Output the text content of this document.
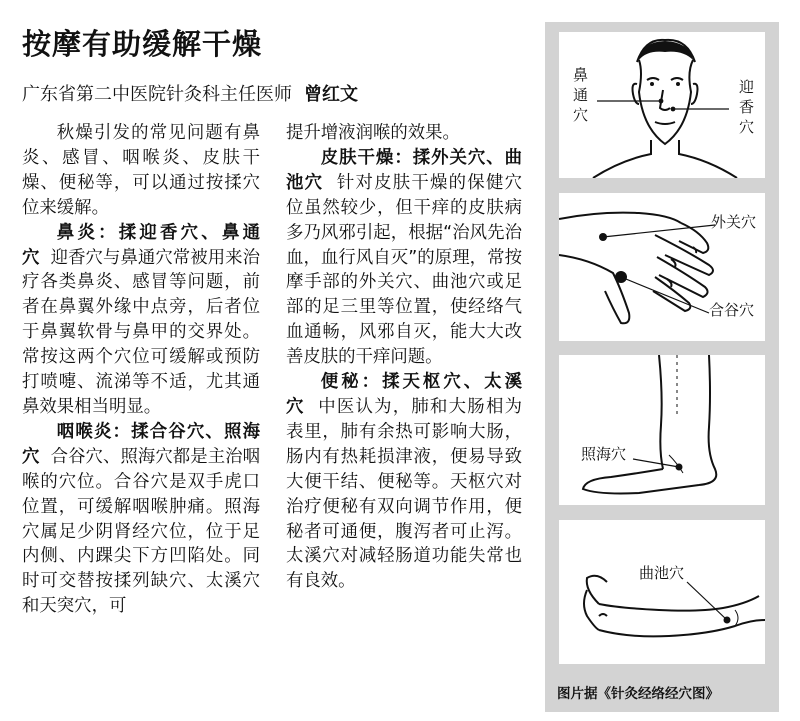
按摩有助缓解干燥
广东省第二中医院针灸科主任医师 曾红文

秋燥引发的常见问题有鼻炎、感冒、咽喉炎、皮肤干燥、便秘等，可以通过按揉穴位来缓解。

鼻炎：揉迎香穴、鼻通穴 迎香穴与鼻通穴常被用来治疗各类鼻炎、感冒等问题，前者在鼻翼外缘中点旁，后者位于鼻翼软骨与鼻甲的交界处。常按这两个穴位可缓解或预防打喷嚏、流涕等不适，尤其通鼻效果相当明显。

咽喉炎：揉合谷穴、照海穴 合谷穴、照海穴都是主治咽喉的穴位。合谷穴是双手虎口位置，可缓解咽喉肿痛。照海穴属足少阴肾经穴位，位于足内侧、内踝尖下方凹陷处。同时可交替按揉列缺穴、太溪穴和天突穴，可

提升增液润喉的效果。

皮肤干燥：揉外关穴、曲池穴 针对皮肤干燥的保健穴位虽然较少，但干痒的皮肤病多乃风邪引起，根据“治风先治血，血行风自灭”的原理，常按摩手部的外关穴、曲池穴或足部的足三里等位置，使经络气血通畅，风邪自灭，能大大改善皮肤的干痒问题。

便秘：揉天枢穴、太溪穴 中医认为，肺和大肠相为表里，肺有余热可影响大肠，肠内有热耗损津液，便易导致大便干结、便秘等。天枢穴对治疗便秘有双向调节作用，便秘者可通便，腹泻者可止泻。太溪穴对减轻肠道功能失常也有良效。

鼻通穴
迎香穴
外关穴
合谷穴
照海穴
曲池穴
图片据《针灸经络经穴图》
